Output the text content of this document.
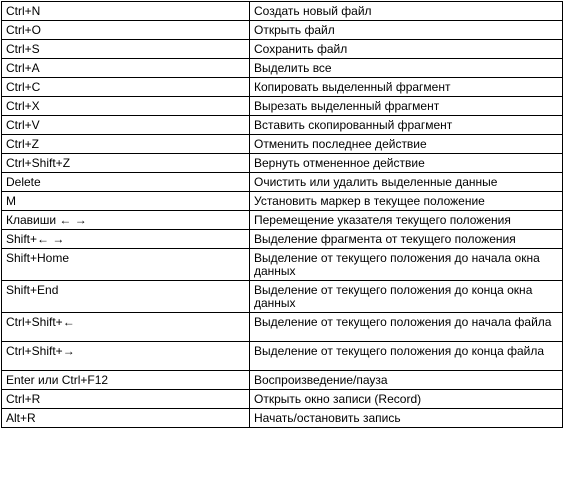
Ctrl+N	Создать новый файл
Ctrl+O	Открыть файл
Ctrl+S	Сохранить файл
Ctrl+A	Выделить все
Ctrl+C	Копировать выделенный фрагмент
Ctrl+X	Вырезать выделенный фрагмент
Ctrl+V	Вставить скопированный фрагмент
Ctrl+Z	Отменить последнее действие
Ctrl+Shift+Z	Вернуть отмененное действие
Delete	Очистить или удалить выделенные данные
M	Установить маркер в текущее положение
Клавиши ← →	Перемещение указателя текущего положения
Shift+← →	Выделение фрагмента от текущего положения
Shift+Home	Выделение от текущего положения до начала окна данных
Shift+End	Выделение от текущего положения до конца окна данных
Ctrl+Shift+←	Выделение от текущего положения до начала файла
Ctrl+Shift+→	Выделение от текущего положения до конца файла
Enter или Ctrl+F12	Воспроизведение/пауза
Ctrl+R	Открыть окно записи (Record)
Alt+R	Начать/остановить запись
